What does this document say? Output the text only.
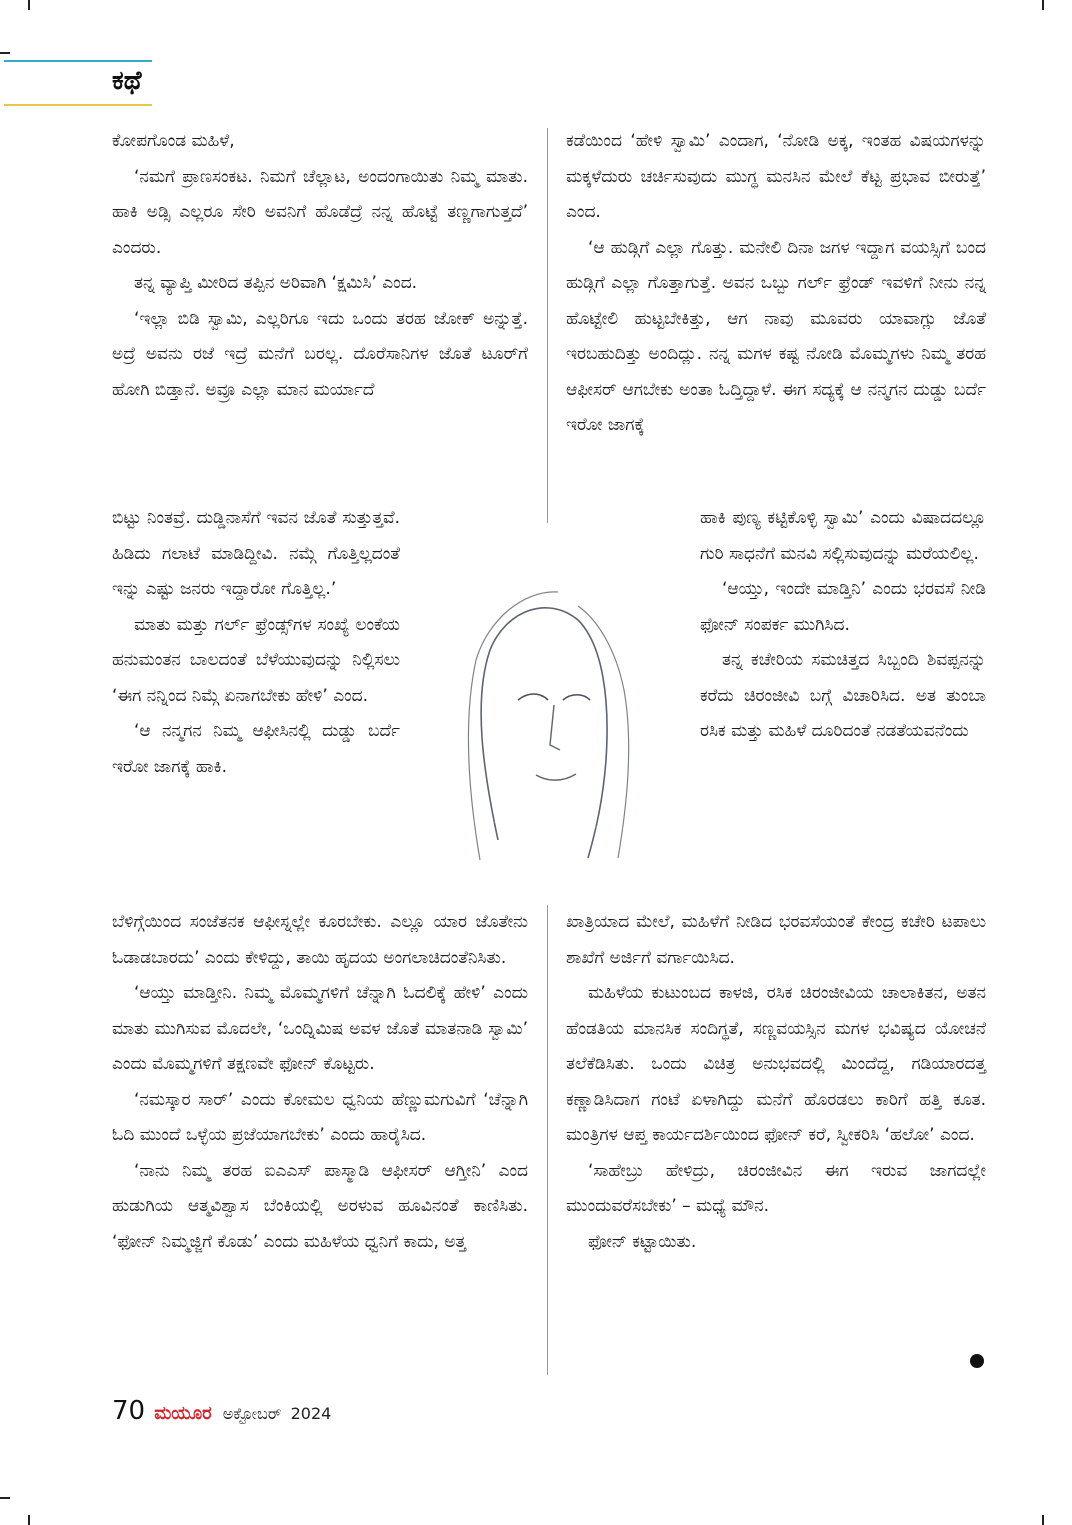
ಕಥೆ

ಕೋಪಗೊಂಡ ಮಹಿಳೆ,

‘ನಮಗೆ ಪ್ರಾಣಸಂಕಟ. ನಿಮಗೆ ಚೆಲ್ಲಾಟ, ಅಂದಂಗಾಯಿತು ನಿಮ್ಮ ಮಾತು. ಹಾಕಿ ಅಡ್ಸಿ ಎಲ್ಲರೂ ಸೇರಿ ಅವನಿಗೆ ಹೊಡೆದ್ರೆ ನನ್ನ ಹೊಟ್ಟೆ ತಣ್ಣಗಾಗುತ್ತದೆ’ ಎಂದರು.

ತನ್ನ ವ್ಯಾಪ್ತಿ ಮೀರಿದ ತಪ್ಪಿನ ಅರಿವಾಗಿ ‘ಕ್ಷಮಿಸಿ’ ಎಂದ.

‘ಇಲ್ಲಾ ಬಿಡಿ ಸ್ವಾಮಿ, ಎಲ್ಲರಿಗೂ ಇದು ಒಂದು ತರಹ ಜೋಕ್ ಅನ್ನುತ್ತೆ. ಅದ್ರೆ ಅವನು ರಜೆ ಇದ್ರೆ ಮನೆಗೆ ಬರಲ್ಲ. ದೊರೆಸಾನಿಗಳ ಜೊತೆ ಟೂರ್‌ಗೆ ಹೋಗಿ ಬಿಡ್ತಾನೆ. ಅವ್ರೂ ಎಲ್ಲಾ ಮಾನ ಮರ್ಯಾದೆ

ಬಿಟ್ಟು ನಿಂತವ್ರೆ. ದುಡ್ಡಿನಾಸೆಗೆ ಇವನ ಜೊತೆ ಸುತ್ತುತ್ತವೆ. ಹಿಡಿದು ಗಲಾಟೆ ಮಾಡಿದ್ದೀವಿ. ನಮ್ಗೆ ಗೊತ್ತಿಲ್ಲದಂತೆ ಇನ್ನು ಎಷ್ಟು ಜನರು ಇದ್ದಾರೋ ಗೊತ್ತಿಲ್ಲ.’

ಮಾತು ಮತ್ತು ಗರ್ಲ್ ಫ್ರೆಂಡ್ಸ್‌ಗಳ ಸಂಖ್ಯೆ ಲಂಕೆಯ ಹನುಮಂತನ ಬಾಲದಂತೆ ಬೆಳೆಯುವುದನ್ನು ನಿಲ್ಲಿಸಲು ‘ಈಗ ನನ್ನಿಂದ ನಿಮ್ಗೆ ಏನಾಗಬೇಕು ಹೇಳಿ’ ಎಂದ.

‘ಆ ನನ್ಮಗನ ನಿಮ್ಮ ಆಫೀಸಿನಲ್ಲಿ ದುಡ್ಡು ಬರ್ದೆ ಇರೋ ಜಾಗಕ್ಕೆ ಹಾಕಿ.

ಬೆಳಿಗ್ಗೆಯಿಂದ ಸಂಜೆತನಕ ಆಫೀಸ್ನಲ್ಲೇ ಕೂರಬೇಕು. ಎಲ್ಲೂ ಯಾರ ಜೊತೇನು ಓಡಾಡಬಾರದು’ ಎಂದು ಕೇಳಿದ್ದು, ತಾಯಿ ಹೃದಯ ಅಂಗಲಾಚಿದಂತೆನಿಸಿತು.

‘ಆಯ್ತು ಮಾಡ್ತೀನಿ. ನಿಮ್ಮ ಮೊಮ್ಮಗಳಿಗೆ ಚೆನ್ನಾಗಿ ಓದಲಿಕ್ಕೆ ಹೇಳಿ’ ಎಂದು ಮಾತು ಮುಗಿಸುವ ಮೊದಲೇ, ‘ಒಂದ್ನಿಮಿಷ ಅವಳ ಜೊತೆ ಮಾತನಾಡಿ ಸ್ವಾಮಿ’ ಎಂದು ಮೊಮ್ಮಗಳಿಗೆ ತಕ್ಷಣವೇ ಫೋನ್ ಕೊಟ್ಟರು.

‘ನಮಸ್ಕಾರ ಸಾರ್’ ಎಂದು ಕೋಮಲ ಧ್ವನಿಯ ಹೆಣ್ಣುಮಗುವಿಗೆ ‘ಚೆನ್ನಾಗಿ ಓದಿ ಮುಂದೆ ಒಳ್ಳೆಯ ಪ್ರಜೆಯಾಗಬೇಕು’ ಎಂದು ಹಾರೈಸಿದ.

‘ನಾನು ನಿಮ್ಮ ತರಹ ಐಎಎಸ್ ಪಾಸ್ಮಾಡಿ ಆಫೀಸರ್ ಆಗ್ತೀನಿ’ ಎಂದ ಹುಡುಗಿಯ ಆತ್ಮವಿಶ್ವಾಸ ಬೆಂಕಿಯಲ್ಲಿ ಅರಳುವ ಹೂವಿನಂತೆ ಕಾಣಿಸಿತು. ‘ಫೋನ್ ನಿಮ್ಮಜ್ಜಿಗೆ ಕೊಡು’ ಎಂದು ಮಹಿಳೆಯ ಧ್ವನಿಗೆ ಕಾದು, ಅತ್ತ

ಕಡೆಯಿಂದ ‘ಹೇಳಿ ಸ್ವಾಮಿ’ ಎಂದಾಗ, ‘ನೋಡಿ ಅಕ್ಕ, ಇಂತಹ ವಿಷಯಗಳನ್ನು ಮಕ್ಕಳೆದುರು ಚರ್ಚಿಸುವುದು ಮುಗ್ಧ ಮನಸಿನ ಮೇಲೆ ಕೆಟ್ಟ ಪ್ರಭಾವ ಬೀರುತ್ತೆ’ ಎಂದ.

‘ಆ ಹುಡ್ಗಿಗೆ ಎಲ್ಲಾ ಗೊತ್ತು. ಮನೇಲಿ ದಿನಾ ಜಗಳ ಇದ್ದಾಗ ವಯಸ್ಸಿಗೆ ಬಂದ ಹುಡ್ಗಿಗೆ ಎಲ್ಲಾ ಗೊತ್ತಾಗುತ್ತೆ. ಅವನ ಒಬ್ಬು ಗರ್ಲ್ ಫ್ರೆಂಡ್ ಇವಳಿಗೆ ನೀನು ನನ್ನ ಹೊಟ್ಟೇಲಿ ಹುಟ್ಟಬೇಕಿತ್ತು, ಆಗ ನಾವು ಮೂವರು ಯಾವಾಗ್ಲು ಜೊತೆ ಇರಬಹುದಿತ್ತು ಅಂದಿದ್ಲು. ನನ್ನ ಮಗಳ ಕಷ್ಟ ನೋಡಿ ಮೊಮ್ಮಗಳು ನಿಮ್ಮ ತರಹ ಆಫೀಸರ್ ಆಗಬೇಕು ಅಂತಾ ಓದ್ತಿದ್ದಾಳೆ. ಈಗ ಸದ್ಯಕ್ಕೆ ಆ ನನ್ಮಗನ ದುಡ್ಡು ಬರ್ದೆ ಇರೋ ಜಾಗಕ್ಕೆ

ಹಾಕಿ ಪುಣ್ಯ ಕಟ್ಟಿಕೊಳ್ಳಿ ಸ್ವಾಮಿ’ ಎಂದು ವಿಷಾದದಲ್ಲೂ ಗುರಿ ಸಾಧನೆಗೆ ಮನವಿ ಸಲ್ಲಿಸುವುದನ್ನು ಮರೆಯಲಿಲ್ಲ.

‘ಆಯ್ತು, ಇಂದೇ ಮಾಡ್ತಿನಿ’ ಎಂದು ಭರವಸೆ ನೀಡಿ ಫೋನ್ ಸಂಪರ್ಕ ಮುಗಿಸಿದ.

ತನ್ನ ಕಚೇರಿಯ ಸಮಚಿತ್ತದ ಸಿಬ್ಬಂದಿ ಶಿವಪ್ಪನನ್ನು ಕರೆದು ಚಿರಂಜೀವಿ ಬಗ್ಗೆ ವಿಚಾರಿಸಿದ. ಅತ ತುಂಬಾ ರಸಿಕ ಮತ್ತು ಮಹಿಳೆ ದೂರಿದಂತೆ ನಡತೆಯವನೆಂದು

ಖಾತ್ರಿಯಾದ ಮೇಲೆ, ಮಹಿಳೆಗೆ ನೀಡಿದ ಭರವಸೆಯಂತೆ ಕೇಂದ್ರ ಕಚೇರಿ ಟಪಾಲು ಶಾಖೆಗೆ ಅರ್ಜಿಗೆ ವರ್ಗಾಯಿಸಿದ.

ಮಹಿಳೆಯ ಕುಟುಂಬದ ಕಾಳಜಿ, ರಸಿಕ ಚಿರಂಜೀವಿಯ ಚಾಲಾಕಿತನ, ಅತನ ಹೆಂಡತಿಯ ಮಾನಸಿಕ ಸಂದಿಗ್ಧತೆ, ಸಣ್ಣವಯಸ್ಸಿನ ಮಗಳ ಭವಿಷ್ಯದ ಯೋಚನೆ ತಲೆಕೆಡಿಸಿತು. ಒಂದು ವಿಚಿತ್ರ ಅನುಭವದಲ್ಲಿ ಮಿಂದೆದ್ದ, ಗಡಿಯಾರದತ್ತ ಕಣ್ಣಾಡಿಸಿದಾಗ ಗಂಟೆ ಏಳಾಗಿದ್ದು ಮನೆಗೆ ಹೊರಡಲು ಕಾರಿಗೆ ಹತ್ತಿ ಕೂತ. ಮಂತ್ರಿಗಳ ಆಪ್ತ ಕಾರ್ಯದರ್ಶಿಯಿಂದ ಫೋನ್ ಕರೆ, ಸ್ವೀಕರಿಸಿ ‘ಹಲೋ’ ಎಂದ.

‘ಸಾಹೇಬ್ರು ಹೇಳಿದ್ರು, ಚಿರಂಜೀವಿನ ಈಗ ಇರುವ ಜಾಗದಲ್ಲೇ ಮುಂದುವರೆಸಬೇಕು’ – ಮಧ್ಯೆ ಮೌನ.

ಫೋನ್ ಕಟ್ಟಾಯಿತು.

70 ಮಯೂರ ಅಕ್ಟೋಬರ್ 2024
